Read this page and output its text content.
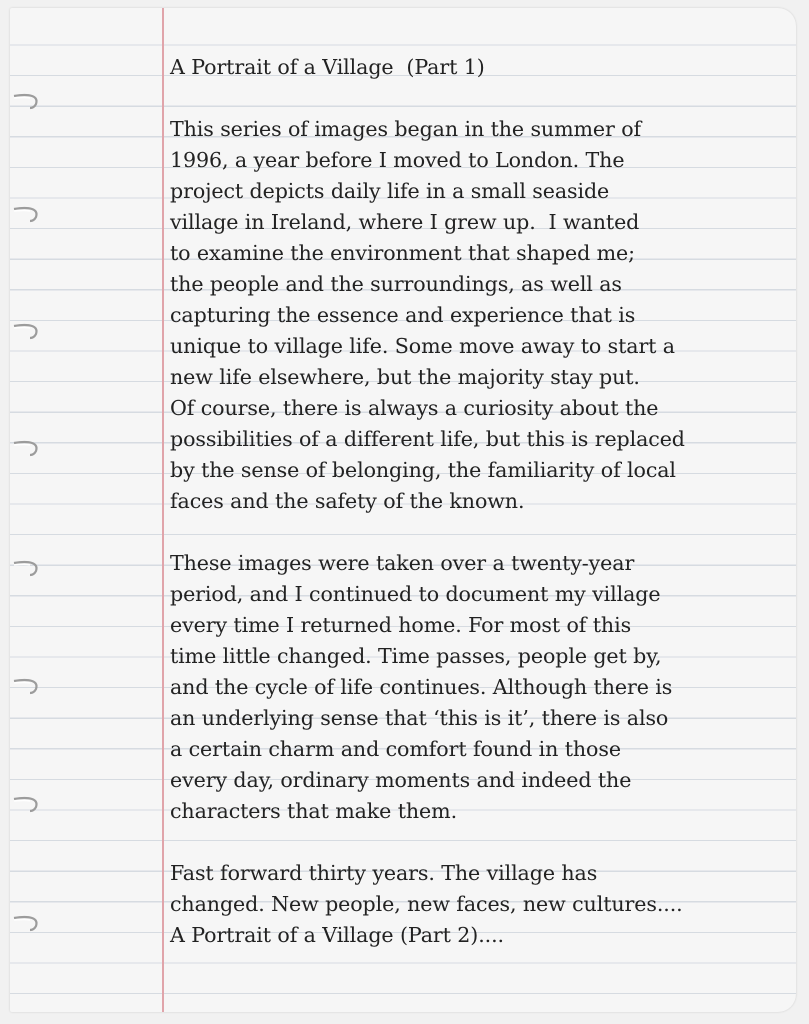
A Portrait of a Village  (Part 1)
This series of images began in the summer of
1996, a year before I moved to London. The
project depicts daily life in a small seaside
village in Ireland, where I grew up.  I wanted
to examine the environment that shaped me;
the people and the surroundings, as well as
capturing the essence and experience that is
unique to village life. Some move away to start a
new life elsewhere, but the majority stay put.
Of course, there is always a curiosity about the
possibilities of a different life, but this is replaced
by the sense of belonging, the familiarity of local
faces and the safety of the known.
These images were taken over a twenty-year
period, and I continued to document my village
every time I returned home. For most of this
time little changed. Time passes, people get by,
and the cycle of life continues. Although there is
an underlying sense that ‘this is it’, there is also
a certain charm and comfort found in those
every day, ordinary moments and indeed the
characters that make them.
Fast forward thirty years. The village has
changed. New people, new faces, new cultures....
A Portrait of a Village (Part 2)....
